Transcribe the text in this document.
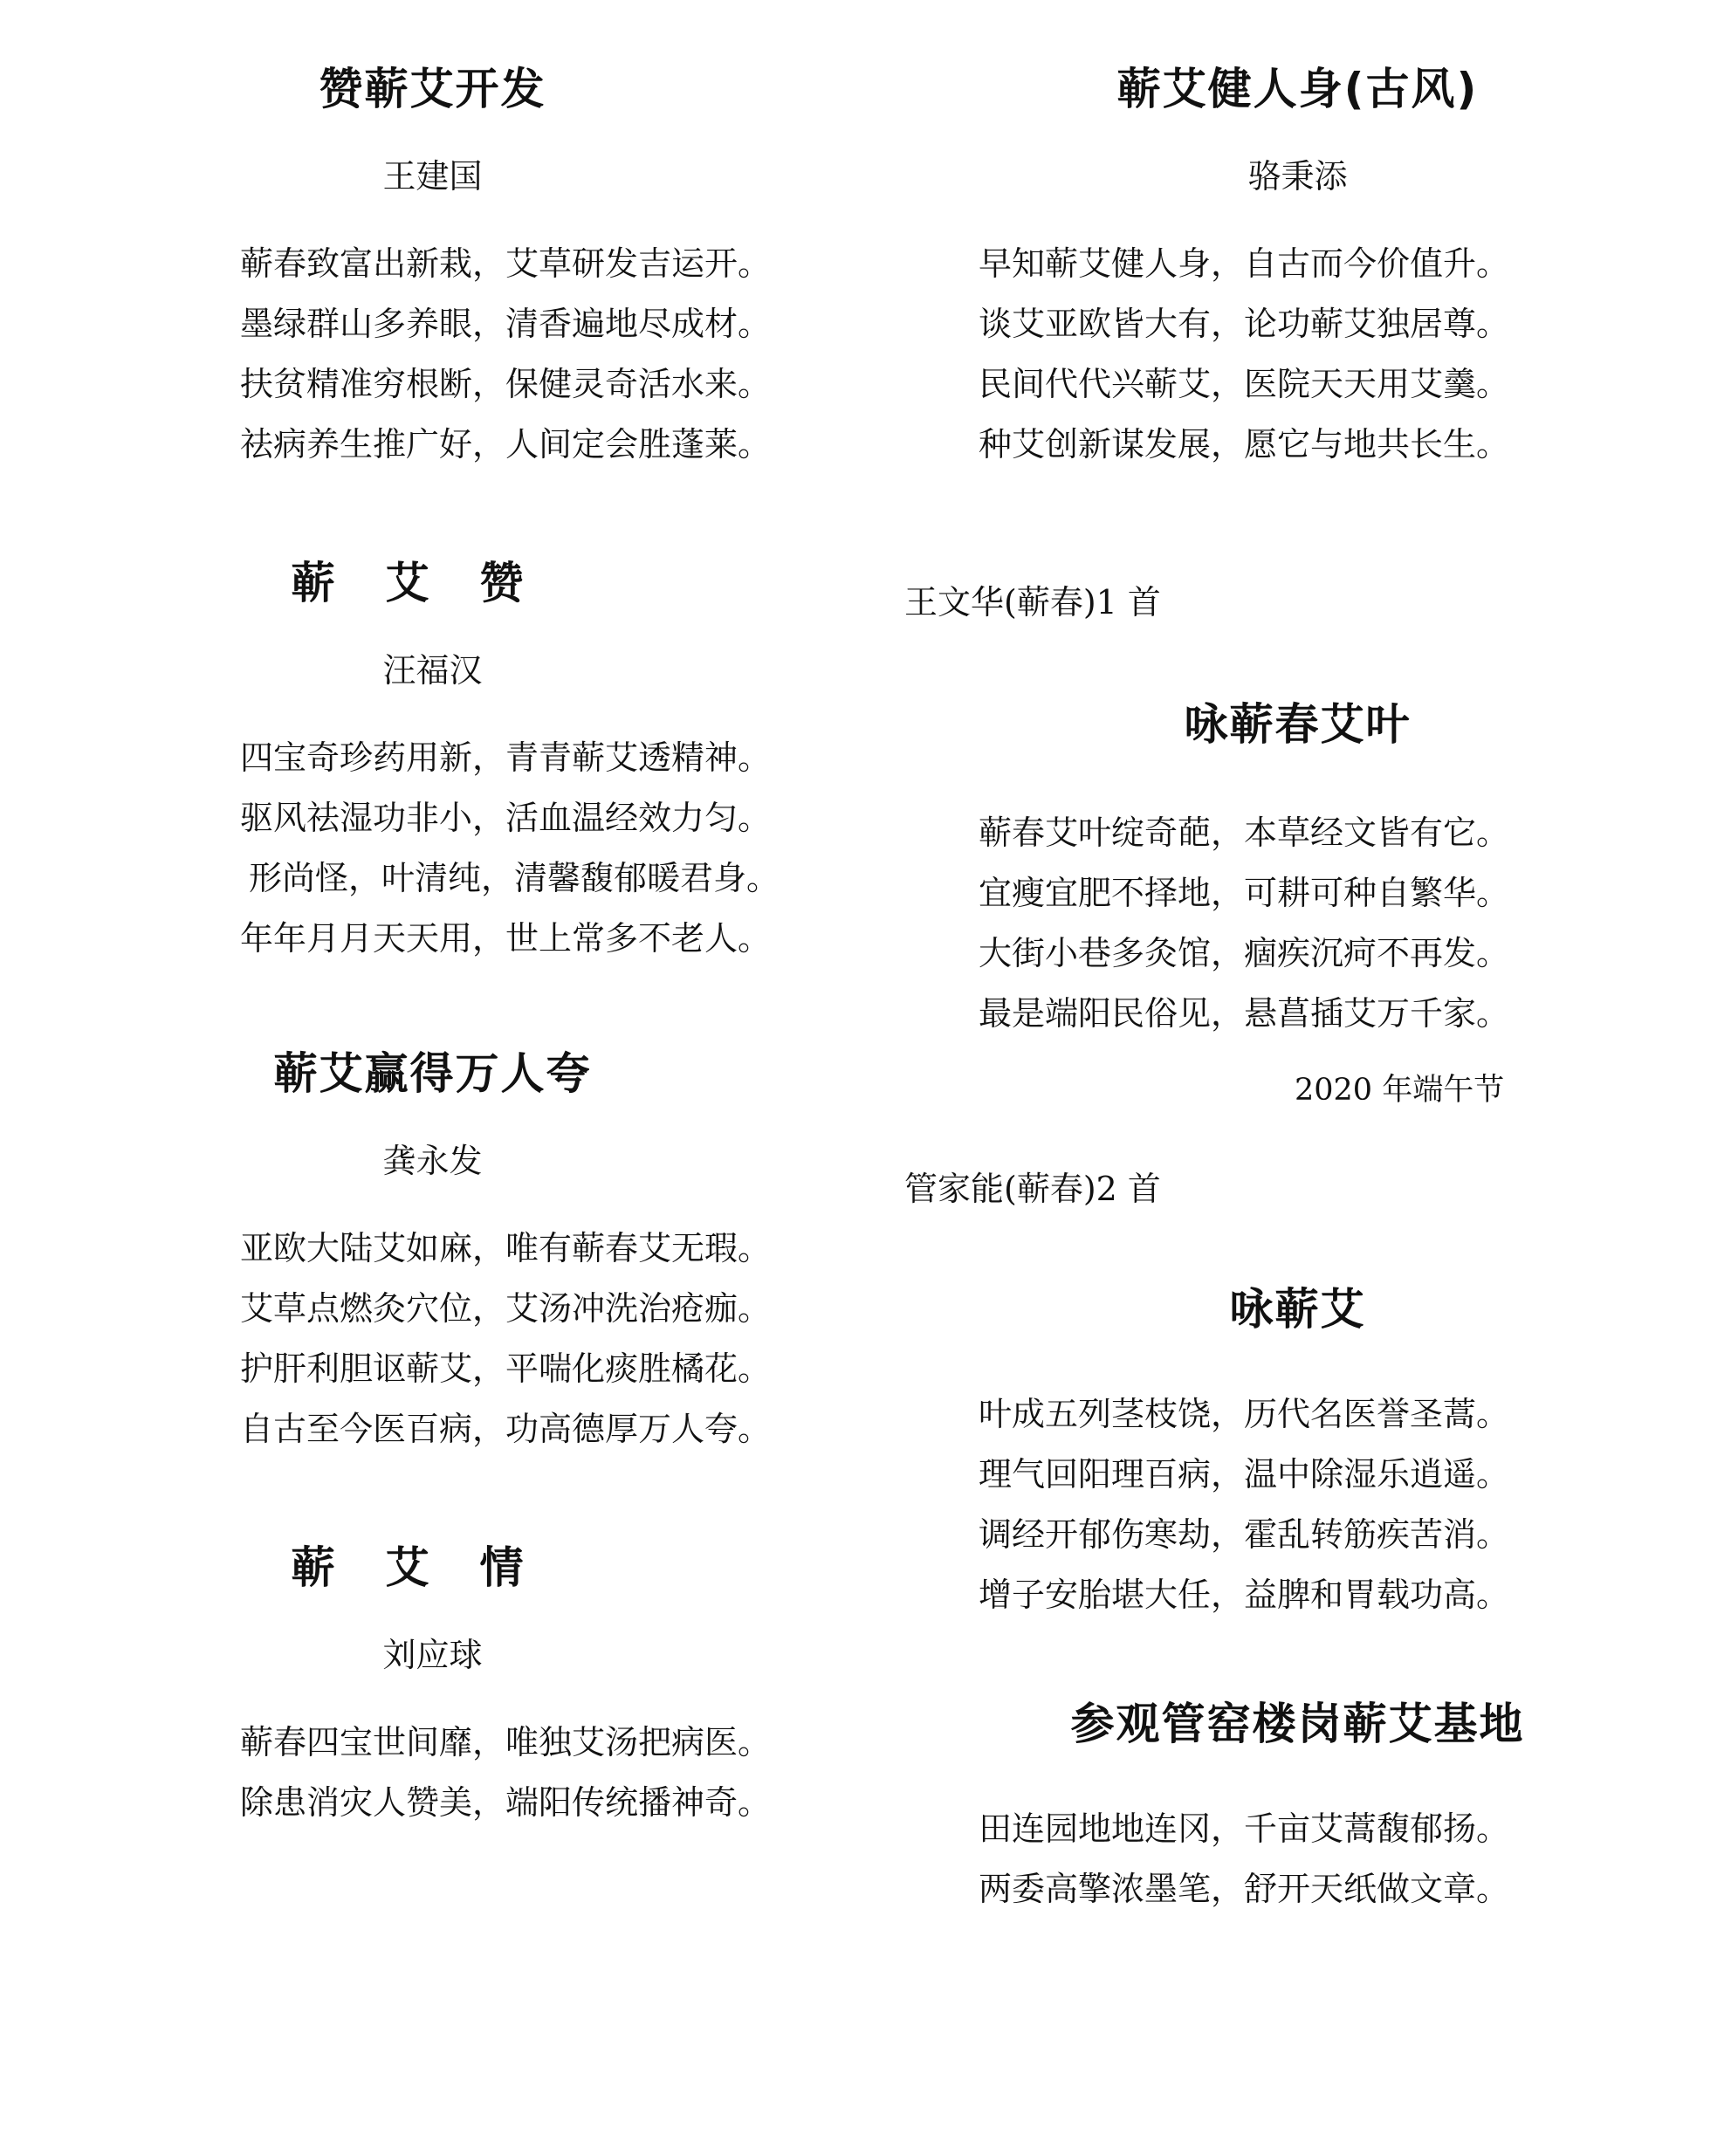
赞蕲艾开发
王建国
蕲春致富出新栽，艾草研发吉运开。
墨绿群山多养眼，清香遍地尽成材。
扶贫精准穷根断，保健灵奇活水来。
祛病养生推广好，人间定会胜蓬莱。
蕲艾赞
汪福汉
四宝奇珍药用新，青青蕲艾透精神。
驱风祛湿功非小，活血温经效力匀。
形尚怪，叶清纯，清馨馥郁暖君身。
年年月月天天用，世上常多不老人。
蕲艾赢得万人夸
龚永发
亚欧大陆艾如麻，唯有蕲春艾无瑕。
艾草点燃灸穴位，艾汤冲洗治疮痂。
护肝利胆讴蕲艾，平喘化痰胜橘花。
自古至今医百病，功高德厚万人夸。
蕲艾情
刘应球
蕲春四宝世间靡，唯独艾汤把病医。
除患消灾人赞美，端阳传统播神奇。
蕲艾健人身(古风)
骆秉添
早知蕲艾健人身，自古而今价值升。
谈艾亚欧皆大有，论功蕲艾独居尊。
民间代代兴蕲艾，医院天天用艾羹。
种艾创新谋发展，愿它与地共长生。
王文华(蕲春)1 首
咏蕲春艾叶
蕲春艾叶绽奇葩，本草经文皆有它。
宜瘦宜肥不择地，可耕可种自繁华。
大街小巷多灸馆，痼疾沉疴不再发。
最是端阳民俗见，悬菖插艾万千家。
2020 年端午节
管家能(蕲春)2 首
咏蕲艾
叶成五列茎枝饶，历代名医誉圣蒿。
理气回阳理百病，温中除湿乐逍遥。
调经开郁伤寒劫，霍乱转筋疾苦消。
增子安胎堪大任，益脾和胃载功高。
参观管窑楼岗蕲艾基地
田连园地地连冈，千亩艾蒿馥郁扬。
两委高擎浓墨笔，舒开天纸做文章。
